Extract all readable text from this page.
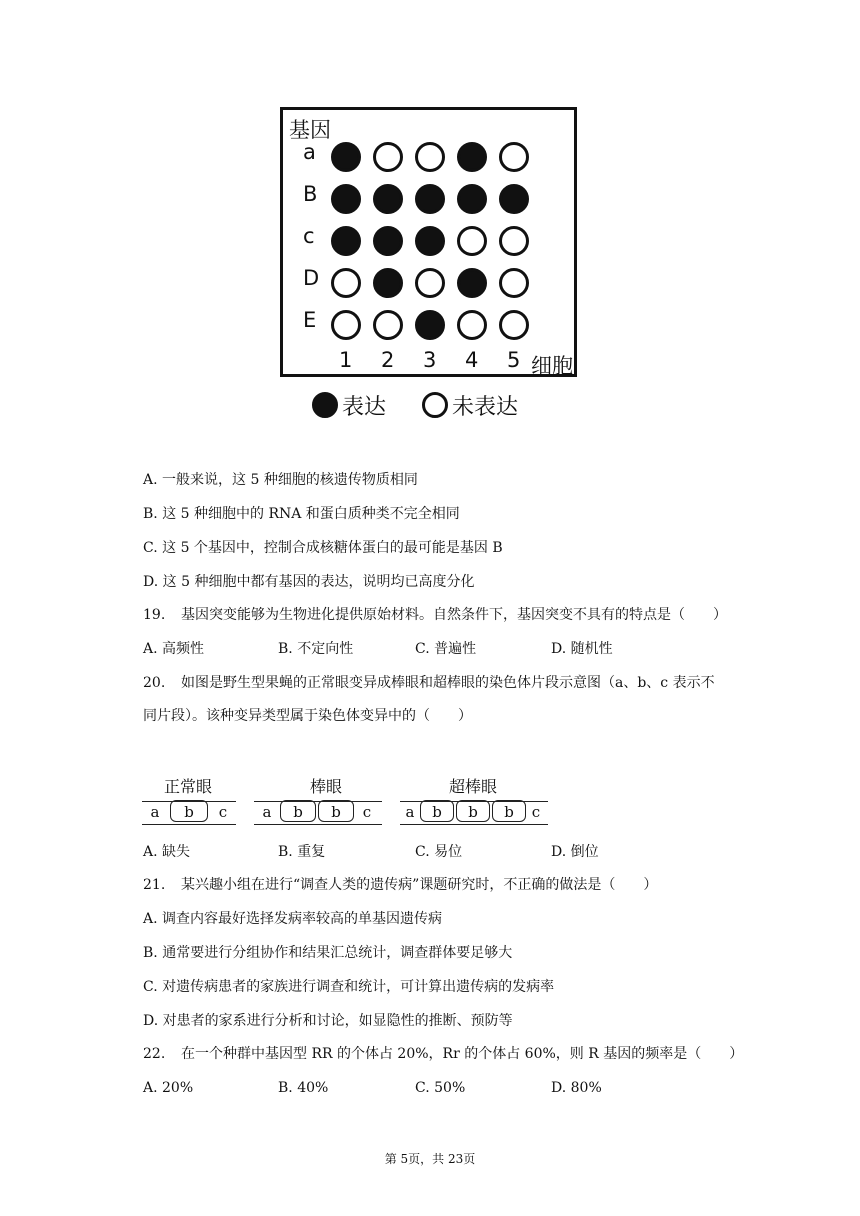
基因
细胞
a
B
c
D
E
1 2 3 4 5
表达	未表达
A. 一般来说，这 5 种细胞的核遗传物质相同
B. 这 5 种细胞中的 RNA 和蛋白质种类不完全相同
C. 这 5 个基因中，控制合成核糖体蛋白的最可能是基因 B
D. 这 5 种细胞中都有基因的表达，说明均已高度分化
19. 基因突变能够为生物进化提供原始材料。自然条件下，基因突变不具有的特点是（　　）
A. 高频性	B. 不定向性	C. 普遍性	D. 随机性
20. 如图是野生型果蝇的正常眼变异成棒眼和超棒眼的染色体片段示意图（a、b、c 表示不
同片段）。该种变异类型属于染色体变异中的（　　）
正常眼	棒眼	超棒眼
a	b	c	a	b	b	c	a	b	b	b	c
A. 缺失	B. 重复	C. 易位	D. 倒位
21. 某兴趣小组在进行“调查人类的遗传病”课题研究时，不正确的做法是（　　）
A. 调查内容最好选择发病率较高的单基因遗传病
B. 通常要进行分组协作和结果汇总统计，调查群体要足够大
C. 对遗传病患者的家族进行调查和统计，可计算出遗传病的发病率
D. 对患者的家系进行分析和讨论，如显隐性的推断、预防等
22. 在一个种群中基因型 RR 的个体占 20%，Rr 的个体占 60%，则 R 基因的频率是（　　）
A. 20%	B. 40%	C. 50%	D. 80%
第 5页，共 23页
